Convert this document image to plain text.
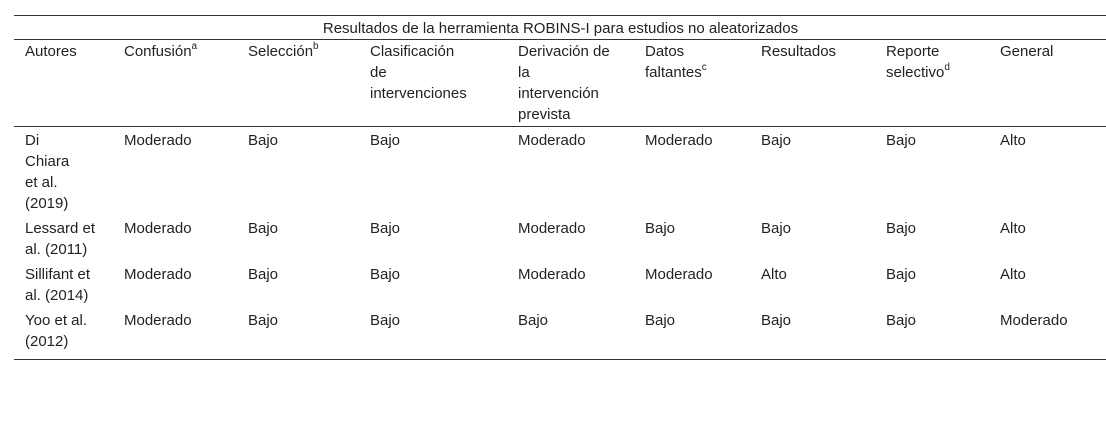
Resultados de la herramienta ROBINS-I para estudios no aleatorizados								
Autores	Confusión$^a$	Selección$^b$	Clasificación de intervenciones	Derivación de la intervención prevista	Datos faltantes$^c$	Resultados	Reporte selectivo$^d$	General
Di Chiara et al. (2019)	Moderado	Bajo	Bajo	Moderado	Moderado	Bajo	Bajo	Alto
Lessard et al. (2011)	Moderado	Bajo	Bajo	Moderado	Bajo	Bajo	Bajo	Alto
Sillifant et al. (2014)	Moderado	Bajo	Bajo	Moderado	Moderado	Alto	Bajo	Alto
Yoo et al. (2012)	Moderado	Bajo	Bajo	Bajo	Bajo	Bajo	Bajo	Moderado
